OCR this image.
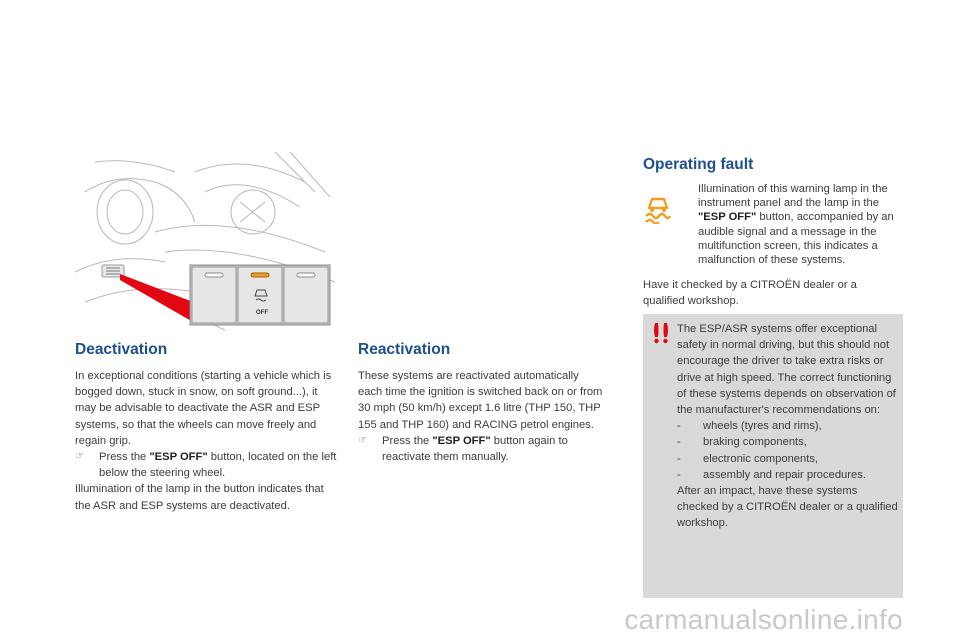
OFF
Deactivation

In exceptional conditions (starting a vehicle which is bogged down, stuck in snow, on soft ground...), it may be advisable to deactivate the ASR and ESP systems, so that the wheels can move freely and regain grip.

☞	Press the "ESP OFF" button, located on the left below the steering wheel.

Illumination of the lamp in the button indicates that the ASR and ESP systems are deactivated.

Reactivation

These systems are reactivated automatically each time the ignition is switched back on or from 30 mph (50 km/h) except 1.6 litre (THP 150, THP 155 and THP 160) and RACING petrol engines.

☞	Press the "ESP OFF" button again to reactivate them manually.
Operating fault

Illumination of this warning lamp in the instrument panel and the lamp in the "ESP OFF" button, accompanied by an audible signal and a message in the multifunction screen, this indicates a malfunction of these systems.

Have it checked by a CITROËN dealer or a qualified workshop.

The ESP/ASR systems offer exceptional safety in normal driving, but this should not encourage the driver to take extra risks or drive at high speed. The correct functioning of these systems depends on observation of the manufacturer's recommendations on:

-	wheels (tyres and rims),
-	braking components,
-	electronic components,
-	assembly and repair procedures.

After an impact, have these systems checked by a CITROËN dealer or a qualified workshop.

carmanualsonline.info
